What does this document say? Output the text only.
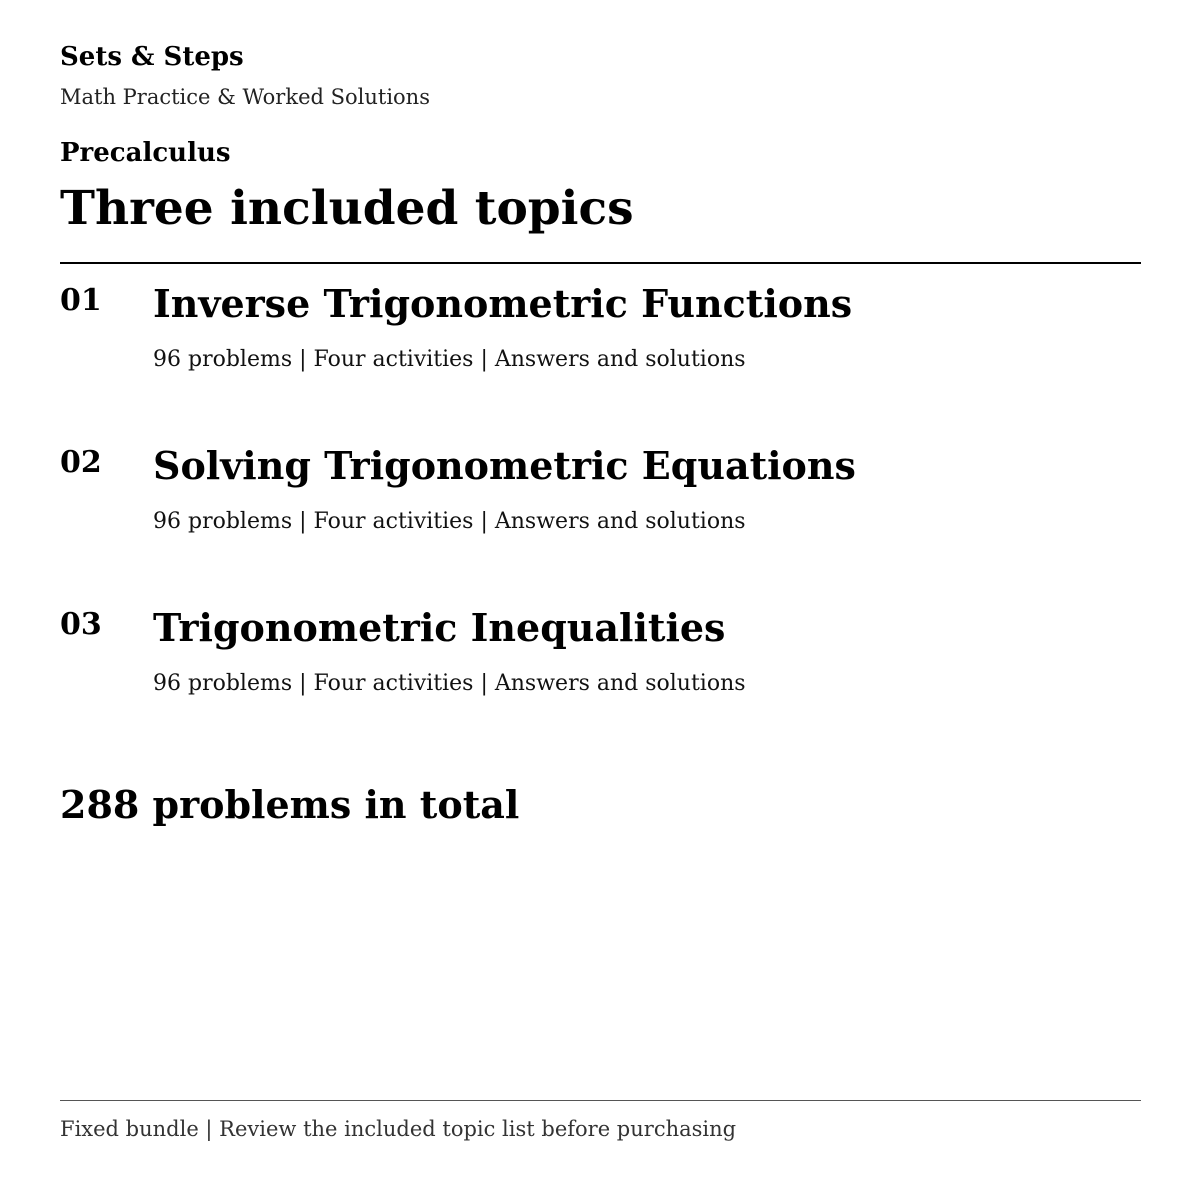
Sets & Steps
Math Practice & Worked Solutions
Precalculus
Three included topics
01 Inverse Trigonometric Functions
96 problems | Four activities | Answers and solutions
02 Solving Trigonometric Equations
96 problems | Four activities | Answers and solutions
03 Trigonometric Inequalities
96 problems | Four activities | Answers and solutions
288 problems in total
Fixed bundle | Review the included topic list before purchasing
